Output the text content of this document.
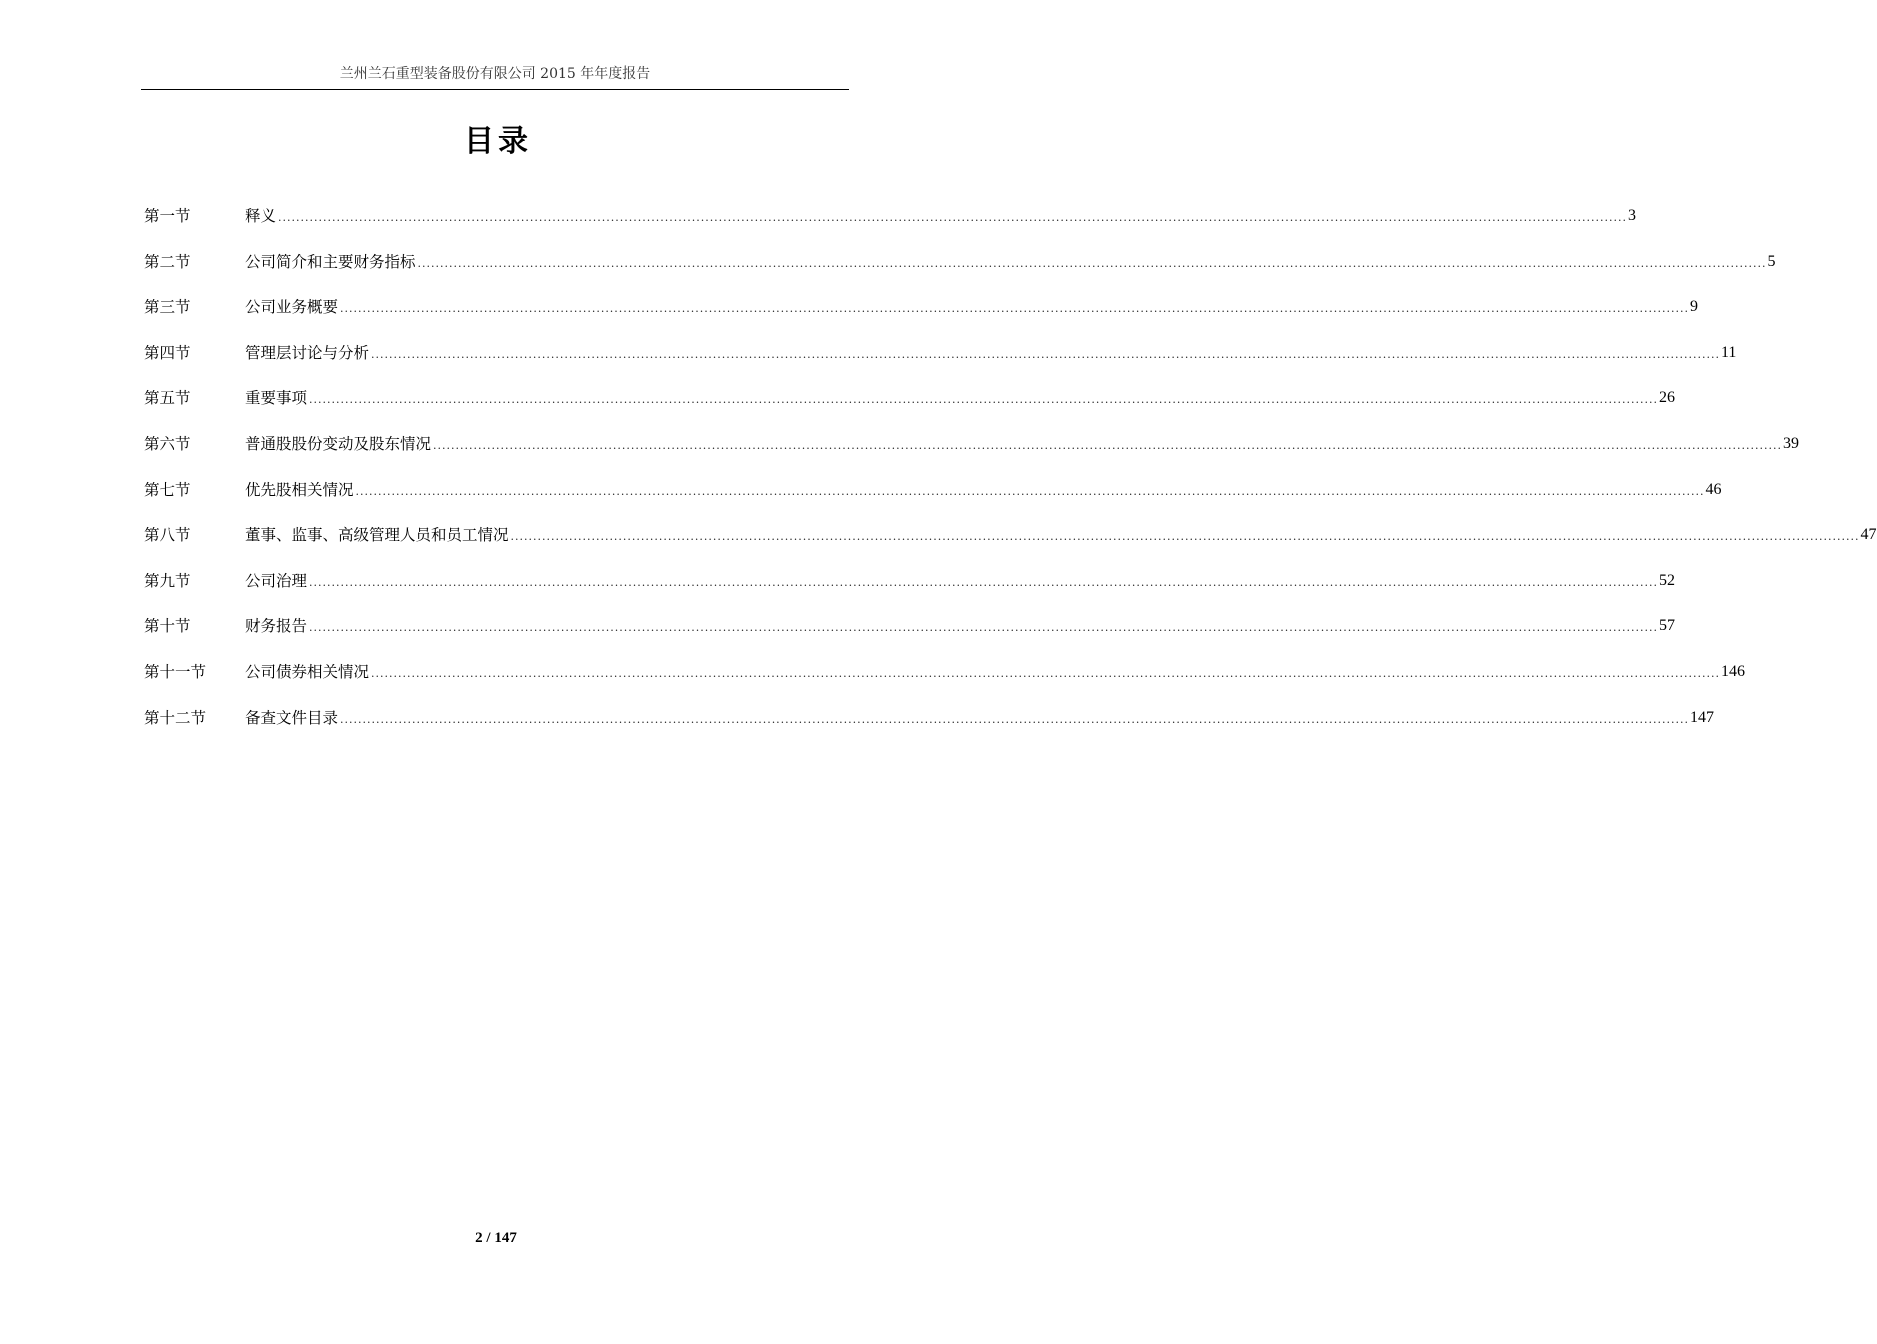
兰州兰石重型装备股份有限公司 2015 年年度报告
目录
第一节	释义 ............................................................................................................................................................................................................................................................................................................ 3
第二节	公司简介和主要财务指标 ............................................................................................................................................................................................................................................................................................................ 5
第三节	公司业务概要 ............................................................................................................................................................................................................................................................................................................ 9
第四节	管理层讨论与分析 ............................................................................................................................................................................................................................................................................................................ 11
第五节	重要事项 ............................................................................................................................................................................................................................................................................................................ 26
第六节	普通股股份变动及股东情况 ............................................................................................................................................................................................................................................................................................................ 39
第七节	优先股相关情况 ............................................................................................................................................................................................................................................................................................................ 46
第八节	董事、监事、高级管理人员和员工情况 ............................................................................................................................................................................................................................................................................................................ 47
第九节	公司治理 ............................................................................................................................................................................................................................................................................................................ 52
第十节	财务报告 ............................................................................................................................................................................................................................................................................................................ 57
第十一节	公司债券相关情况 ............................................................................................................................................................................................................................................................................................................ 146
第十二节	备查文件目录 ............................................................................................................................................................................................................................................................................................................ 147
2 / 147
